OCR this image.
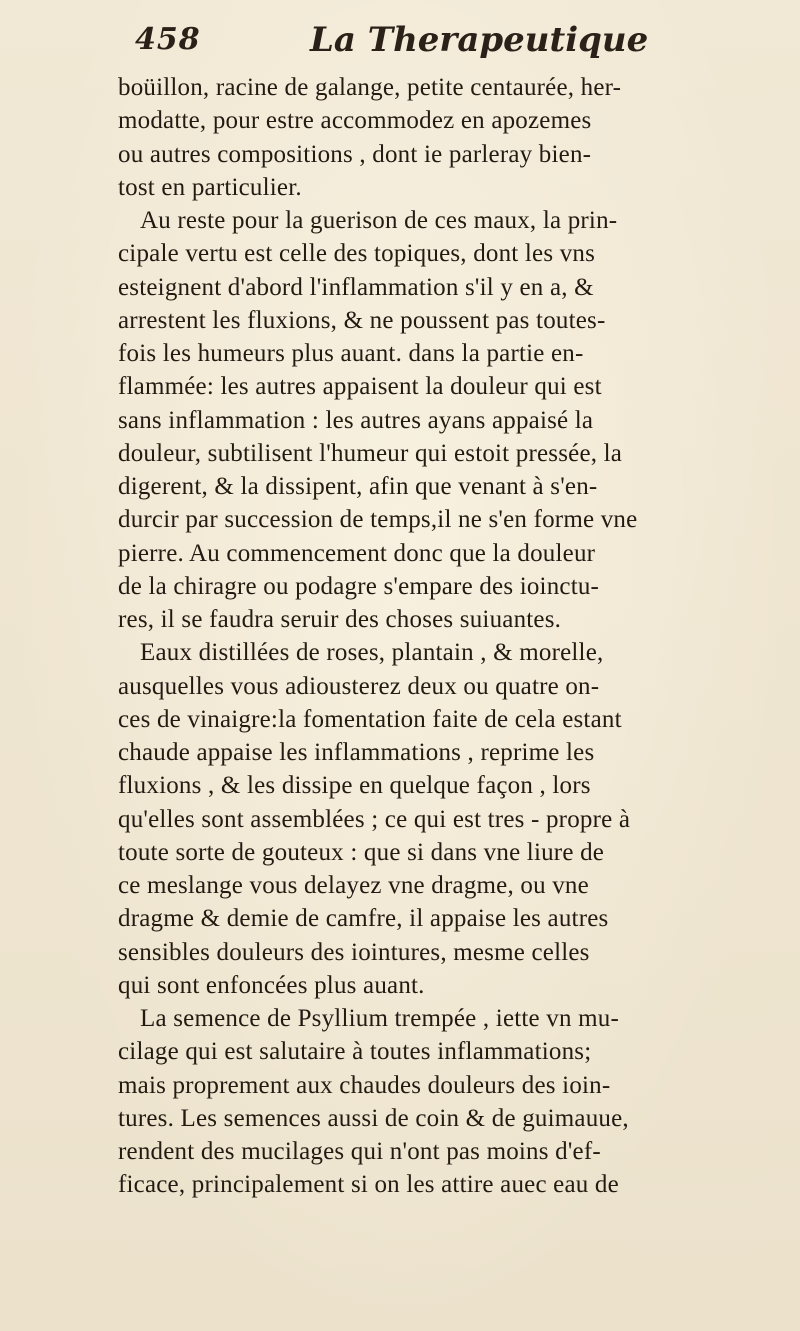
458	La Therapeutique
boüillon, racine de galange, petite centaurée, her-
modatte, pour estre accommodez en apozemes
ou autres compositions , dont ie parleray bien-
tost en particulier.
Au reste pour la guerison de ces maux, la prin-
cipale vertu est celle des topiques, dont les vns
esteignent d'abord l'inflammation s'il y en a, &
arrestent les fluxions, & ne poussent pas toutes-
fois les humeurs plus auant. dans la partie en-
flammée: les autres appaisent la douleur qui est
sans inflammation : les autres ayans appaisé la
douleur, subtilisent l'humeur qui estoit pressée, la
digerent, & la dissipent, afin que venant à s'en-
durcir par succession de temps,il ne s'en forme vne
pierre. Au commencement donc que la douleur
de la chiragre ou podagre s'empare des ioinctu-
res, il se faudra seruir des choses suiuantes.
Eaux distillées de roses, plantain , & morelle,
ausquelles vous adiousterez deux ou quatre on-
ces de vinaigre:la fomentation faite de cela estant
chaude appaise les inflammations , reprime les
fluxions , & les dissipe en quelque façon , lors
qu'elles sont assemblées ; ce qui est tres - propre à
toute sorte de gouteux : que si dans vne liure de
ce meslange vous delayez vne dragme, ou vne
dragme & demie de camfre, il appaise les autres
sensibles douleurs des iointures, mesme celles
qui sont enfoncées plus auant.
La semence de Psyllium trempée , iette vn mu-
cilage qui est salutaire à toutes inflammations;
mais proprement aux chaudes douleurs des ioin-
tures. Les semences aussi de coin & de guimauue,
rendent des mucilages qui n'ont pas moins d'ef-
ficace, principalement si on les attire auec eau de
